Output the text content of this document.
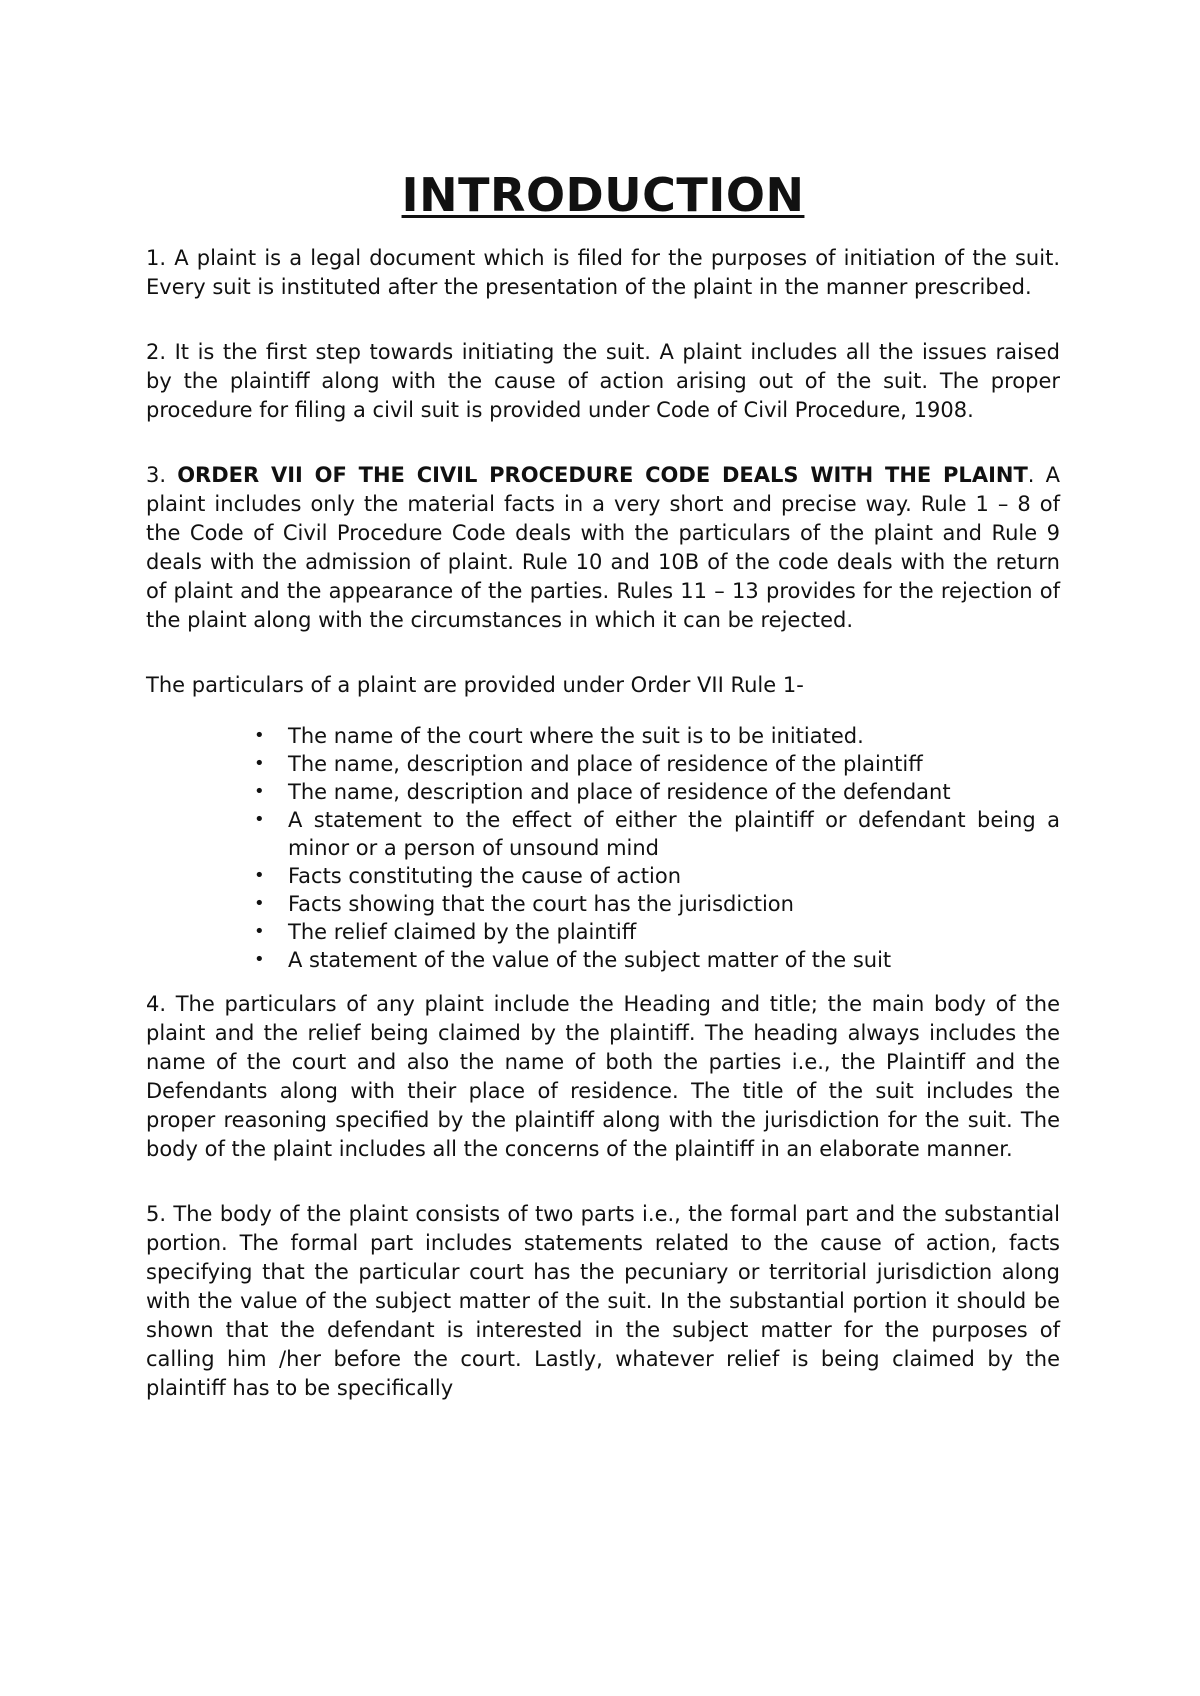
INTRODUCTION

1. A plaint is a legal document which is filed for the purposes of initiation of the suit. Every suit is instituted after the presentation of the plaint in the manner prescribed.

2. It is the first step towards initiating the suit. A plaint includes all the issues raised by the plaintiff along with the cause of action arising out of the suit. The proper procedure for filing a civil suit is provided under Code of Civil Procedure, 1908.

3. ORDER VII OF THE CIVIL PROCEDURE CODE DEALS WITH THE PLAINT. A plaint includes only the material facts in a very short and precise way. Rule 1 – 8 of the Code of Civil Procedure Code deals with the particulars of the plaint and Rule 9 deals with the admission of plaint. Rule 10 and 10B of the code deals with the return of plaint and the appearance of the parties. Rules 11 – 13 provides for the rejection of the plaint along with the circumstances in which it can be rejected.

The particulars of a plaint are provided under Order VII Rule 1-

• The name of the court where the suit is to be initiated.
• The name, description and place of residence of the plaintiff
• The name, description and place of residence of the defendant
• A statement to the effect of either the plaintiff or defendant being a minor or a person of unsound mind
• Facts constituting the cause of action
• Facts showing that the court has the jurisdiction
• The relief claimed by the plaintiff
• A statement of the value of the subject matter of the suit

4. The particulars of any plaint include the Heading and title; the main body of the plaint and the relief being claimed by the plaintiff. The heading always includes the name of the court and also the name of both the parties i.e., the Plaintiff and the Defendants along with their place of residence. The title of the suit includes the proper reasoning specified by the plaintiff along with the jurisdiction for the suit. The body of the plaint includes all the concerns of the plaintiff in an elaborate manner.

5. The body of the plaint consists of two parts i.e., the formal part and the substantial portion. The formal part includes statements related to the cause of action, facts specifying that the particular court has the pecuniary or territorial jurisdiction along with the value of the subject matter of the suit. In the substantial portion it should be shown that the defendant is interested in the subject matter for the purposes of calling him /her before the court. Lastly, whatever relief is being claimed by the plaintiff has to be specifically
